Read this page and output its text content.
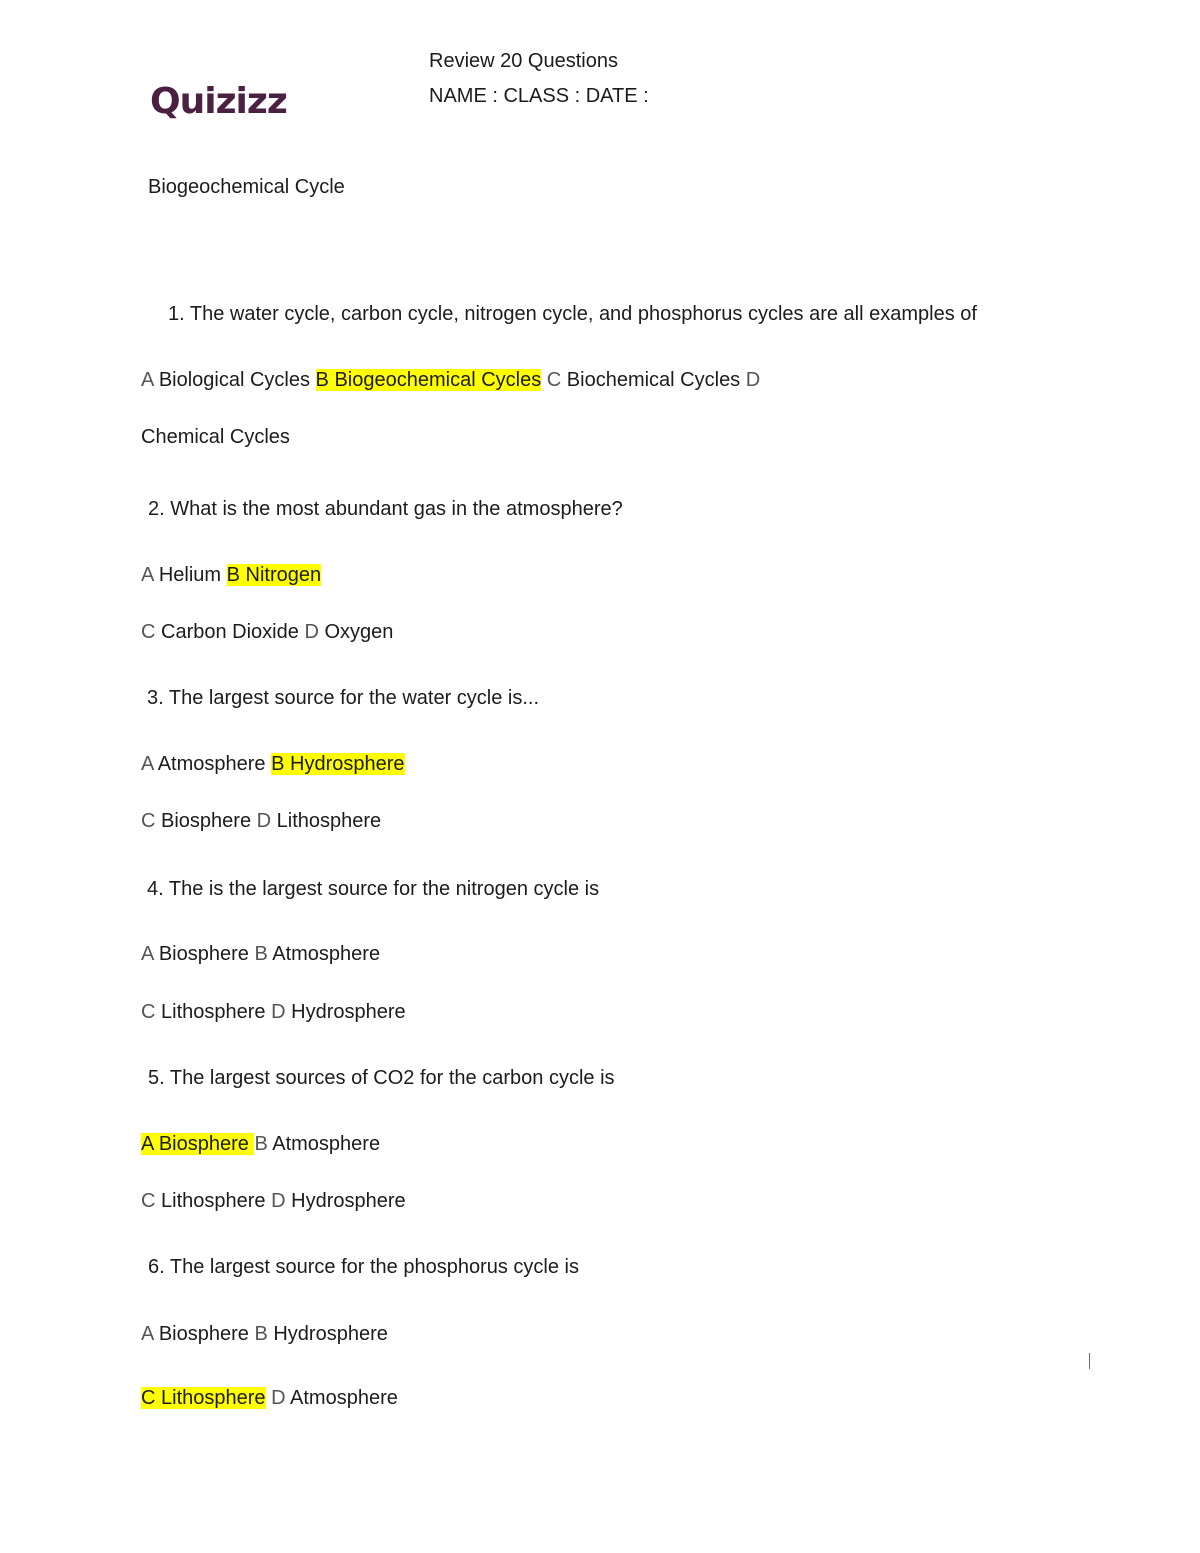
Quizizz
Review 20 Questions
NAME : CLASS : DATE :
Biogeochemical Cycle
1. The water cycle, carbon cycle, nitrogen cycle, and phosphorus cycles are all examples of
A Biological Cycles B Biogeochemical Cycles C Biochemical Cycles D
Chemical Cycles
2. What is the most abundant gas in the atmosphere?
A Helium B Nitrogen
C Carbon Dioxide D Oxygen
3. The largest source for the water cycle is...
A Atmosphere B Hydrosphere
C Biosphere D Lithosphere
4. The is the largest source for the nitrogen cycle is
A Biosphere B Atmosphere
C Lithosphere D Hydrosphere
5. The largest sources of CO2 for the carbon cycle is
A Biosphere B Atmosphere
C Lithosphere D Hydrosphere
6. The largest source for the phosphorus cycle is
A Biosphere B Hydrosphere
C Lithosphere D Atmosphere
